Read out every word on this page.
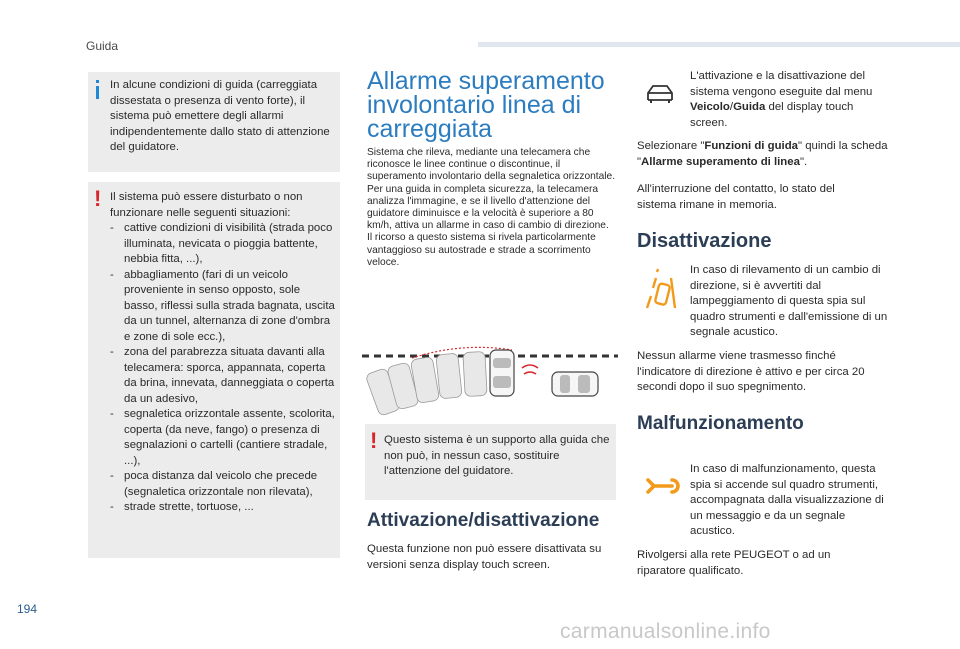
Guida
In alcune condizioni di guida (carreggiata dissestata o presenza di vento forte), il sistema può emettere degli allarmi indipendentemente dallo stato di attenzione del guidatore.
! Il sistema può essere disturbato o non funzionare nelle seguenti situazioni:

- cattive condizioni di visibilità (strada poco illuminata, nevicata o pioggia battente, nebbia fitta, ...),
- abbagliamento (fari di un veicolo proveniente in senso opposto, sole basso, riflessi sulla strada bagnata, uscita da un tunnel, alternanza di zone d'ombra e zone di sole ecc.),
- zona del parabrezza situata davanti alla telecamera: sporca, appannata, coperta da brina, innevata, danneggiata o coperta da un adesivo,
- segnaletica orizzontale assente, scolorita, coperta (da neve, fango) o presenza di segnalazioni o cartelli (cantiere stradale, ...),
- poca distanza dal veicolo che precede (segnaletica orizzontale non rilevata),
- strade strette, tortuose, ...
Allarme superamento involontario linea di carreggiata

Sistema che rileva, mediante una telecamera che riconosce le linee continue o discontinue, il superamento involontario della segnaletica orizzontale. Per una guida in completa sicurezza, la telecamera analizza l'immagine, e se il livello d'attenzione del guidatore diminuisce e la velocità è superiore a 80 km/h, attiva un allarme in caso di cambio di direzione.

Il ricorso a questo sistema si rivela particolarmente vantaggioso su autostrade e strade a scorrimento veloce.

! Questo sistema è un supporto alla guida che non può, in nessun caso, sostituire l'attenzione del guidatore.
Attivazione/disattivazione
Questa funzione non può essere disattivata su versioni senza display touch screen.
L'attivazione e la disattivazione del sistema vengono eseguite dal menu Veicolo/Guida del display touch screen.
Selezionare "Funzioni di guida" quindi la scheda "Allarme superamento di linea".
All'interruzione del contatto, lo stato del sistema rimane in memoria.
Disattivazione
In caso di rilevamento di un cambio di direzione, si è avvertiti dal lampeggiamento di questa spia sul quadro strumenti e dall'emissione di un segnale acustico.
Nessun allarme viene trasmesso finché l'indicatore di direzione è attivo e per circa 20 secondi dopo il suo spegnimento.
Malfunzionamento
In caso di malfunzionamento, questa spia si accende sul quadro strumenti, accompagnata dalla visualizzazione di un messaggio e da un segnale acustico.
Rivolgersi alla rete PEUGEOT o ad un riparatore qualificato.
194
carmanualsonline.info
